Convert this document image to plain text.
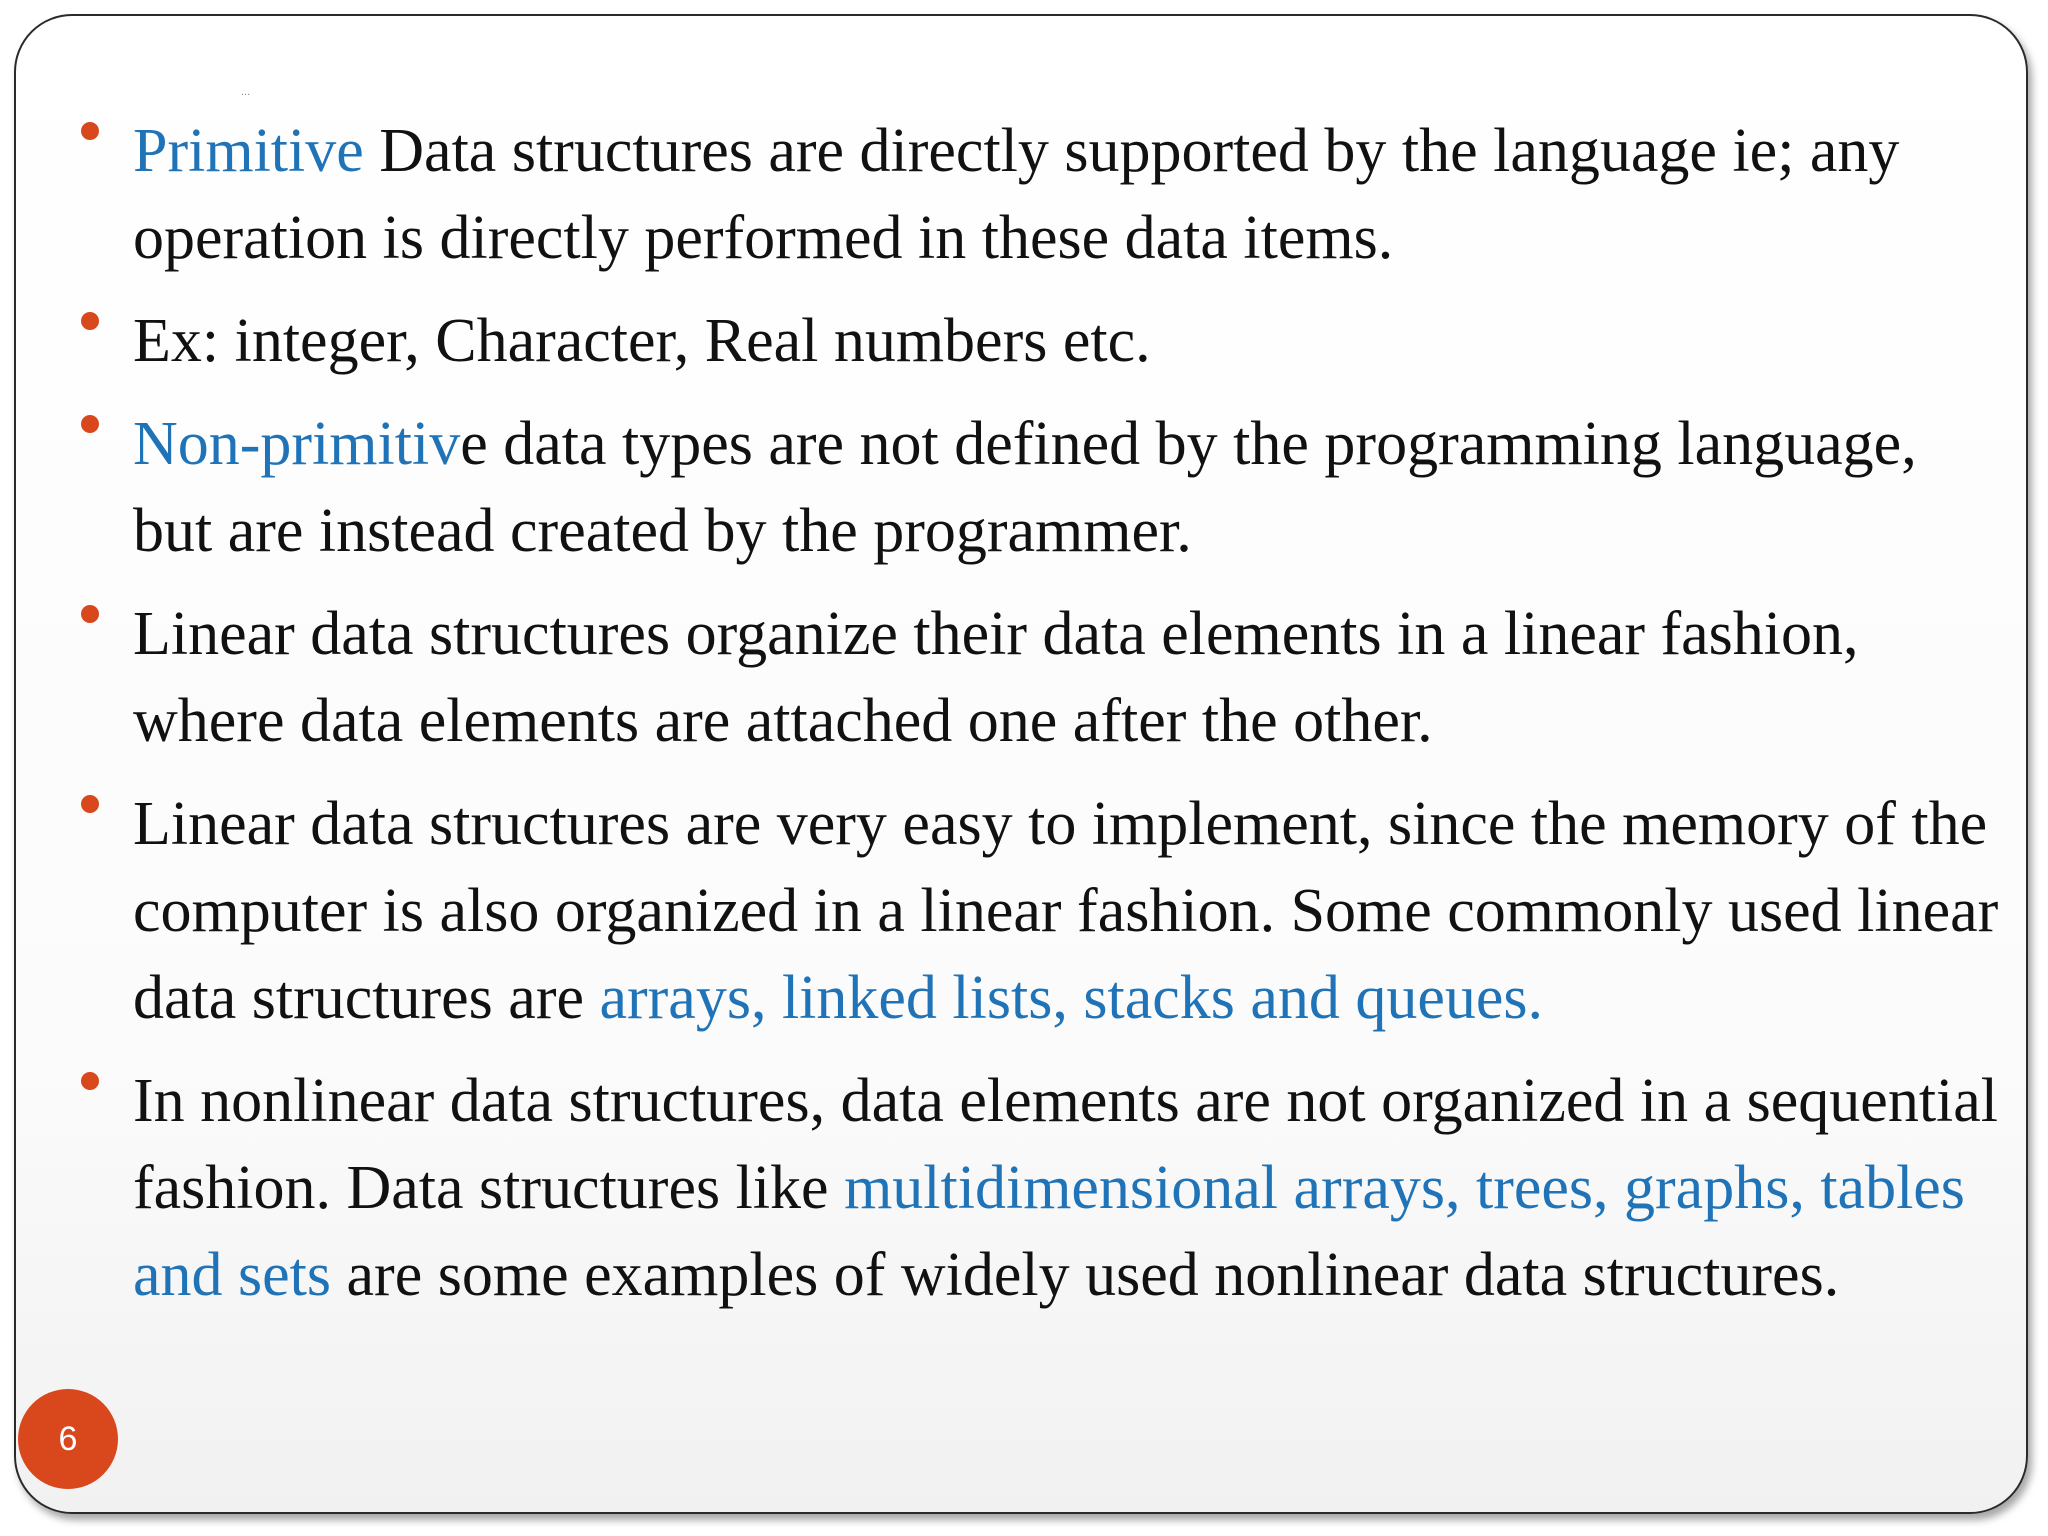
...
Primitive Data structures are directly supported by the language ie; any operation is directly performed in these data items.
Ex: integer, Character, Real numbers etc.
Non-primitive data types are not defined by the programming language, but are instead created by the programmer.
Linear data structures organize their data elements in a linear fashion, where data elements are attached one after the other.
Linear data structures are very easy to implement, since the memory of the computer is also organized in a linear fashion. Some commonly used linear data structures are arrays, linked lists, stacks and queues.
In nonlinear data structures, data elements are not organized in a sequential fashion. Data structures like multidimensional arrays, trees, graphs, tables and sets are some examples of widely used nonlinear data structures.
6
